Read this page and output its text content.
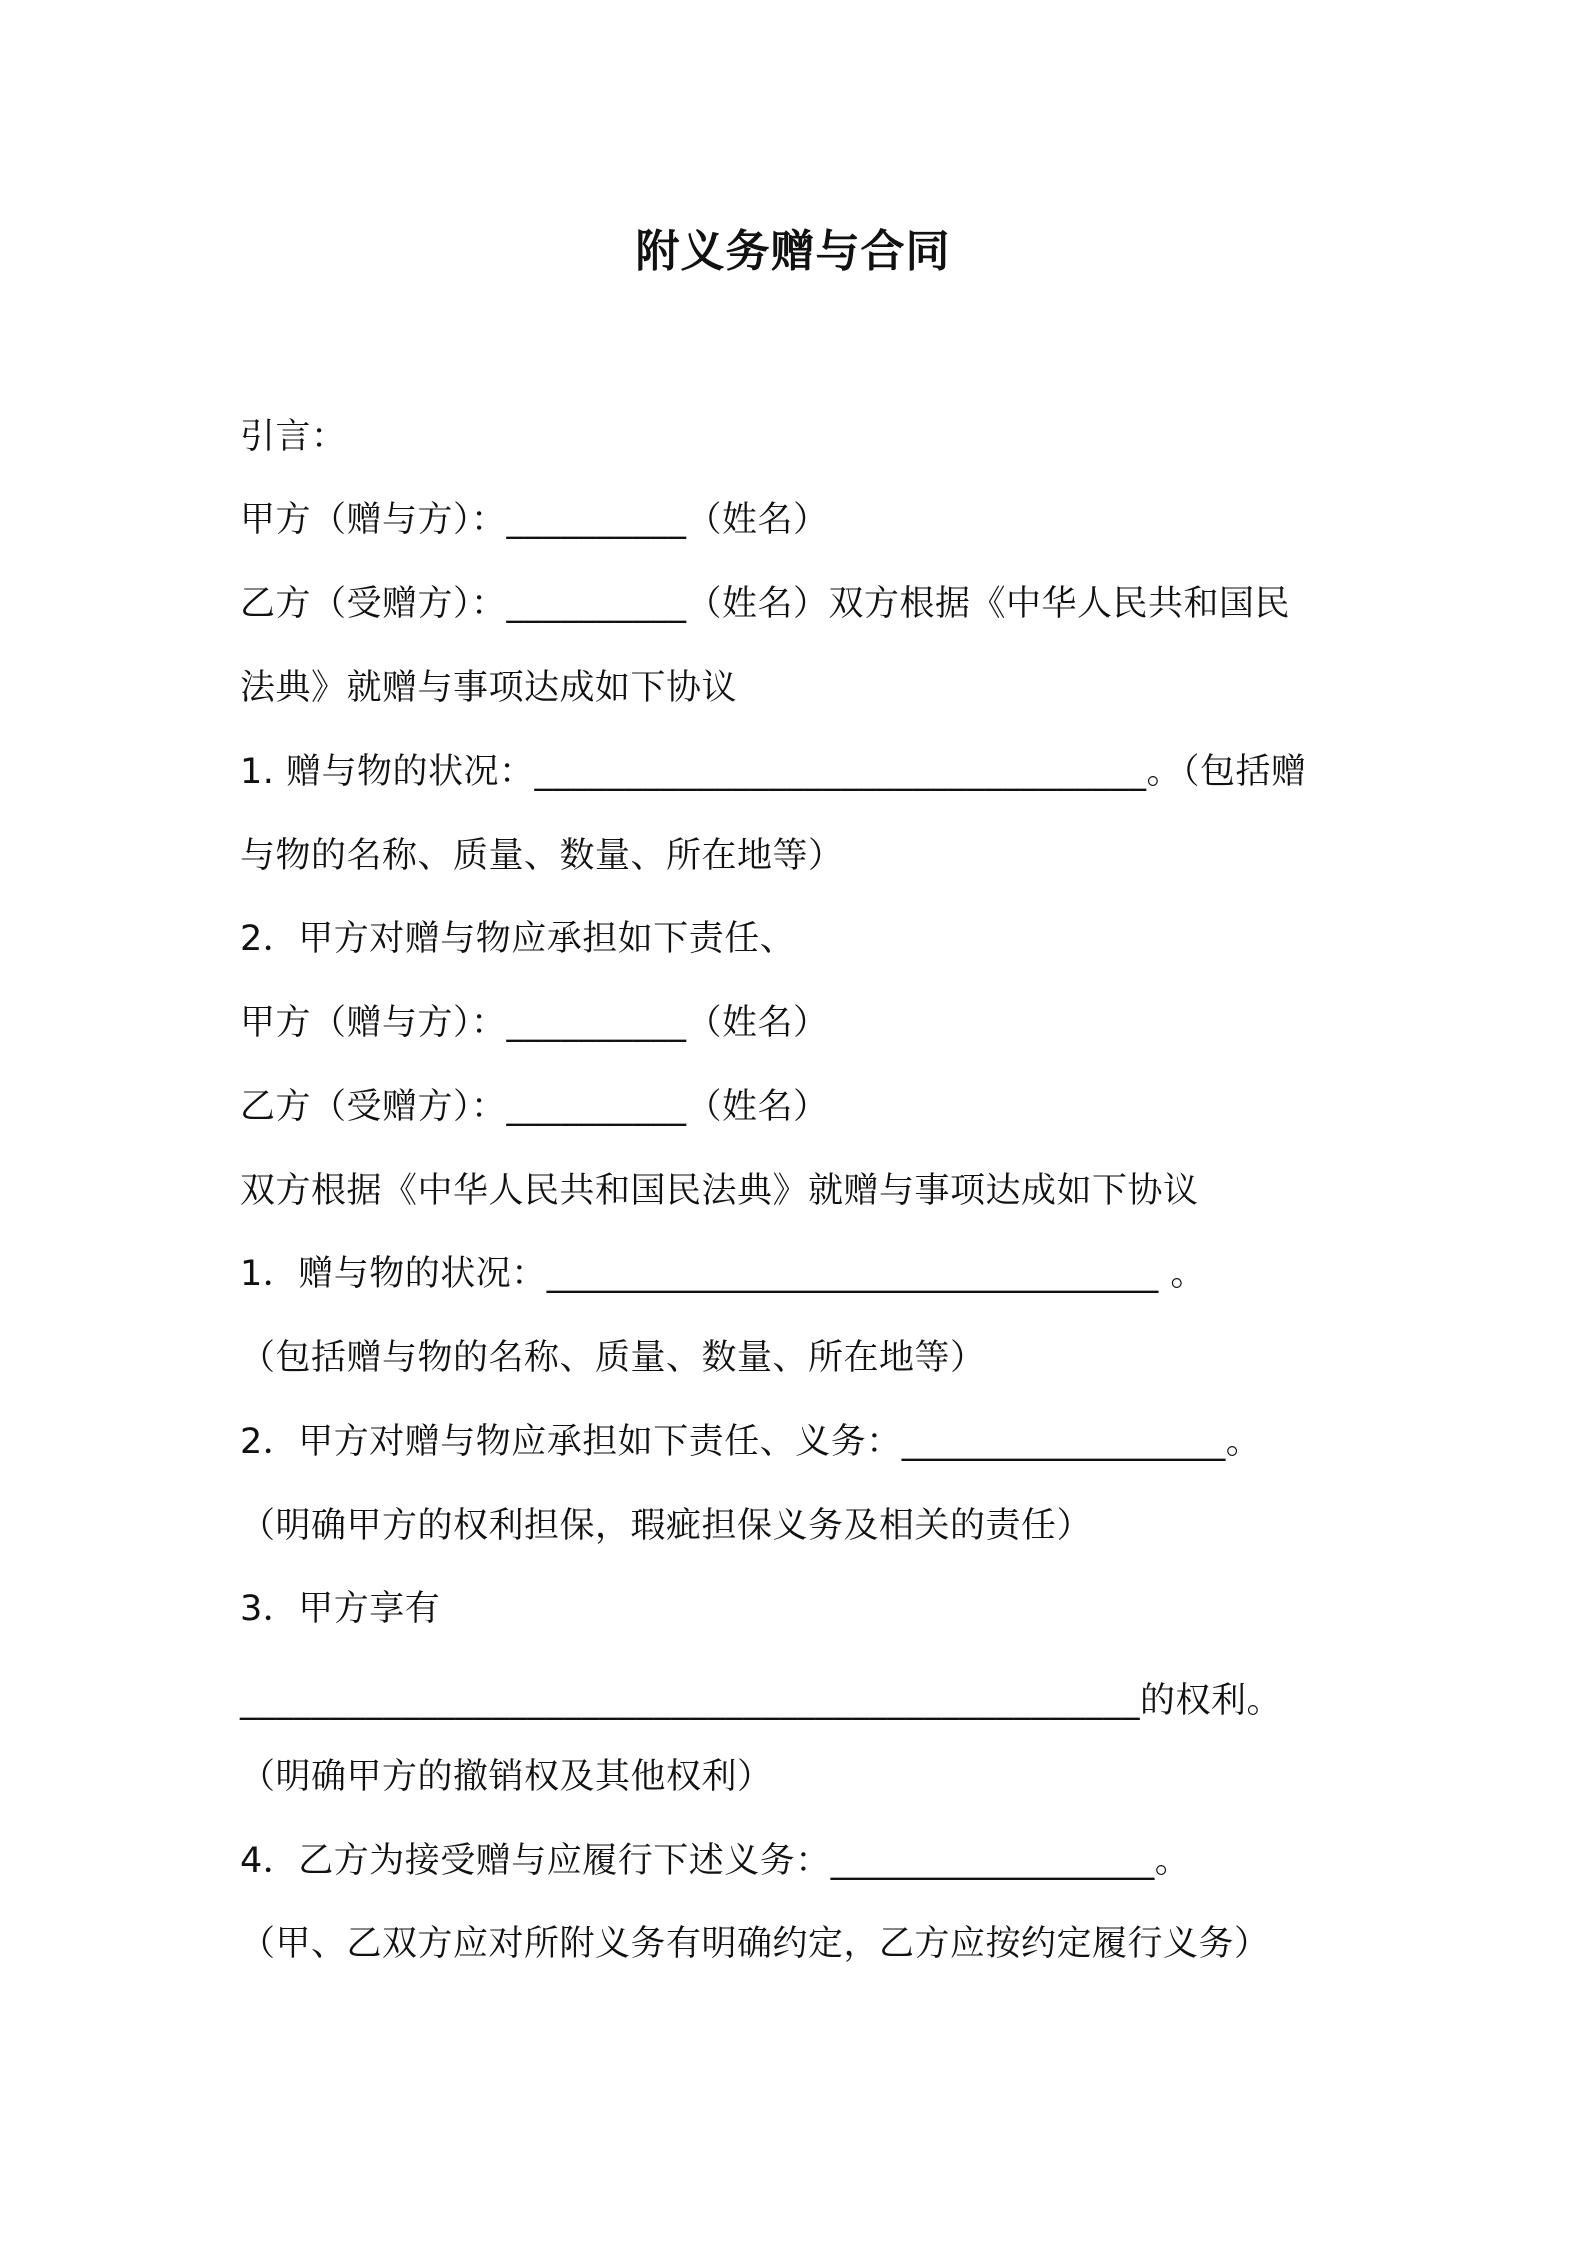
附义务赠与合同
引言：
甲方（赠与方）：__________（姓名）
乙方（受赠方）：__________（姓名）双方根据《中华人民共和国民
法典》就赠与事项达成如下协议
1. 赠与物的状况：__________________________________。（包括赠
与物的名称、质量、数量、所在地等）
2．甲方对赠与物应承担如下责任、
甲方（赠与方）：__________（姓名）
乙方（受赠方）：__________（姓名）
双方根据《中华人民共和国民法典》就赠与事项达成如下协议
1．赠与物的状况：__________________________________ 。
（包括赠与物的名称、质量、数量、所在地等）
2．甲方对赠与物应承担如下责任、义务：__________________。
（明确甲方的权利担保，瑕疵担保义务及相关的责任）
3．甲方享有
__________________________________________________的权利。
（明确甲方的撤销权及其他权利）
4．乙方为接受赠与应履行下述义务：__________________。
（甲、乙双方应对所附义务有明确约定，乙方应按约定履行义务）
